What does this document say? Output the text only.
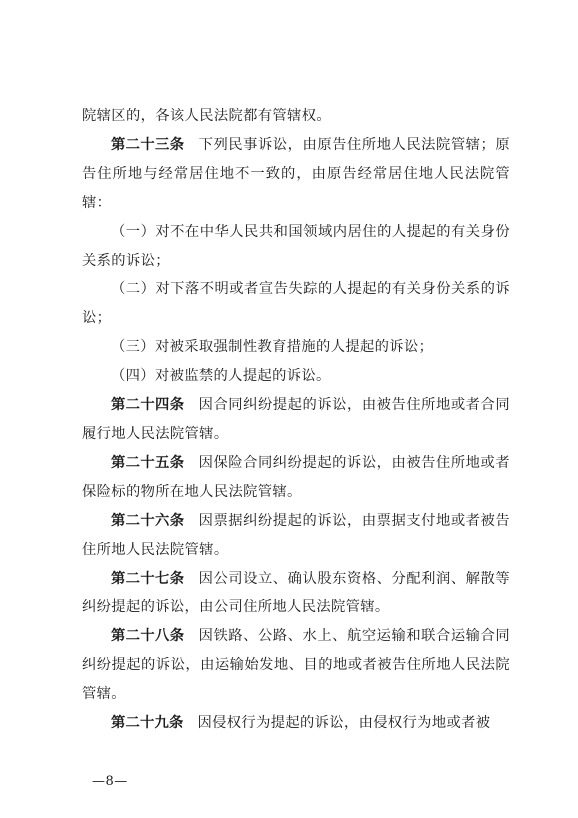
院辖区的，各该人民法院都有管辖权。

第二十三条 下列民事诉讼，由原告住所地人民法院管辖；原告住所地与经常居住地不一致的，由原告经常居住地人民法院管辖：

（一）对不在中华人民共和国领域内居住的人提起的有关身份关系的诉讼；

（二）对下落不明或者宣告失踪的人提起的有关身份关系的诉讼；

（三）对被采取强制性教育措施的人提起的诉讼；

（四）对被监禁的人提起的诉讼。

第二十四条 因合同纠纷提起的诉讼，由被告住所地或者合同履行地人民法院管辖。

第二十五条 因保险合同纠纷提起的诉讼，由被告住所地或者保险标的物所在地人民法院管辖。

第二十六条 因票据纠纷提起的诉讼，由票据支付地或者被告住所地人民法院管辖。

第二十七条 因公司设立、确认股东资格、分配利润、解散等纠纷提起的诉讼，由公司住所地人民法院管辖。

第二十八条 因铁路、公路、水上、航空运输和联合运输合同纠纷提起的诉讼，由运输始发地、目的地或者被告住所地人民法院管辖。

第二十九条 因侵权行为提起的诉讼，由侵权行为地或者被

—8—
